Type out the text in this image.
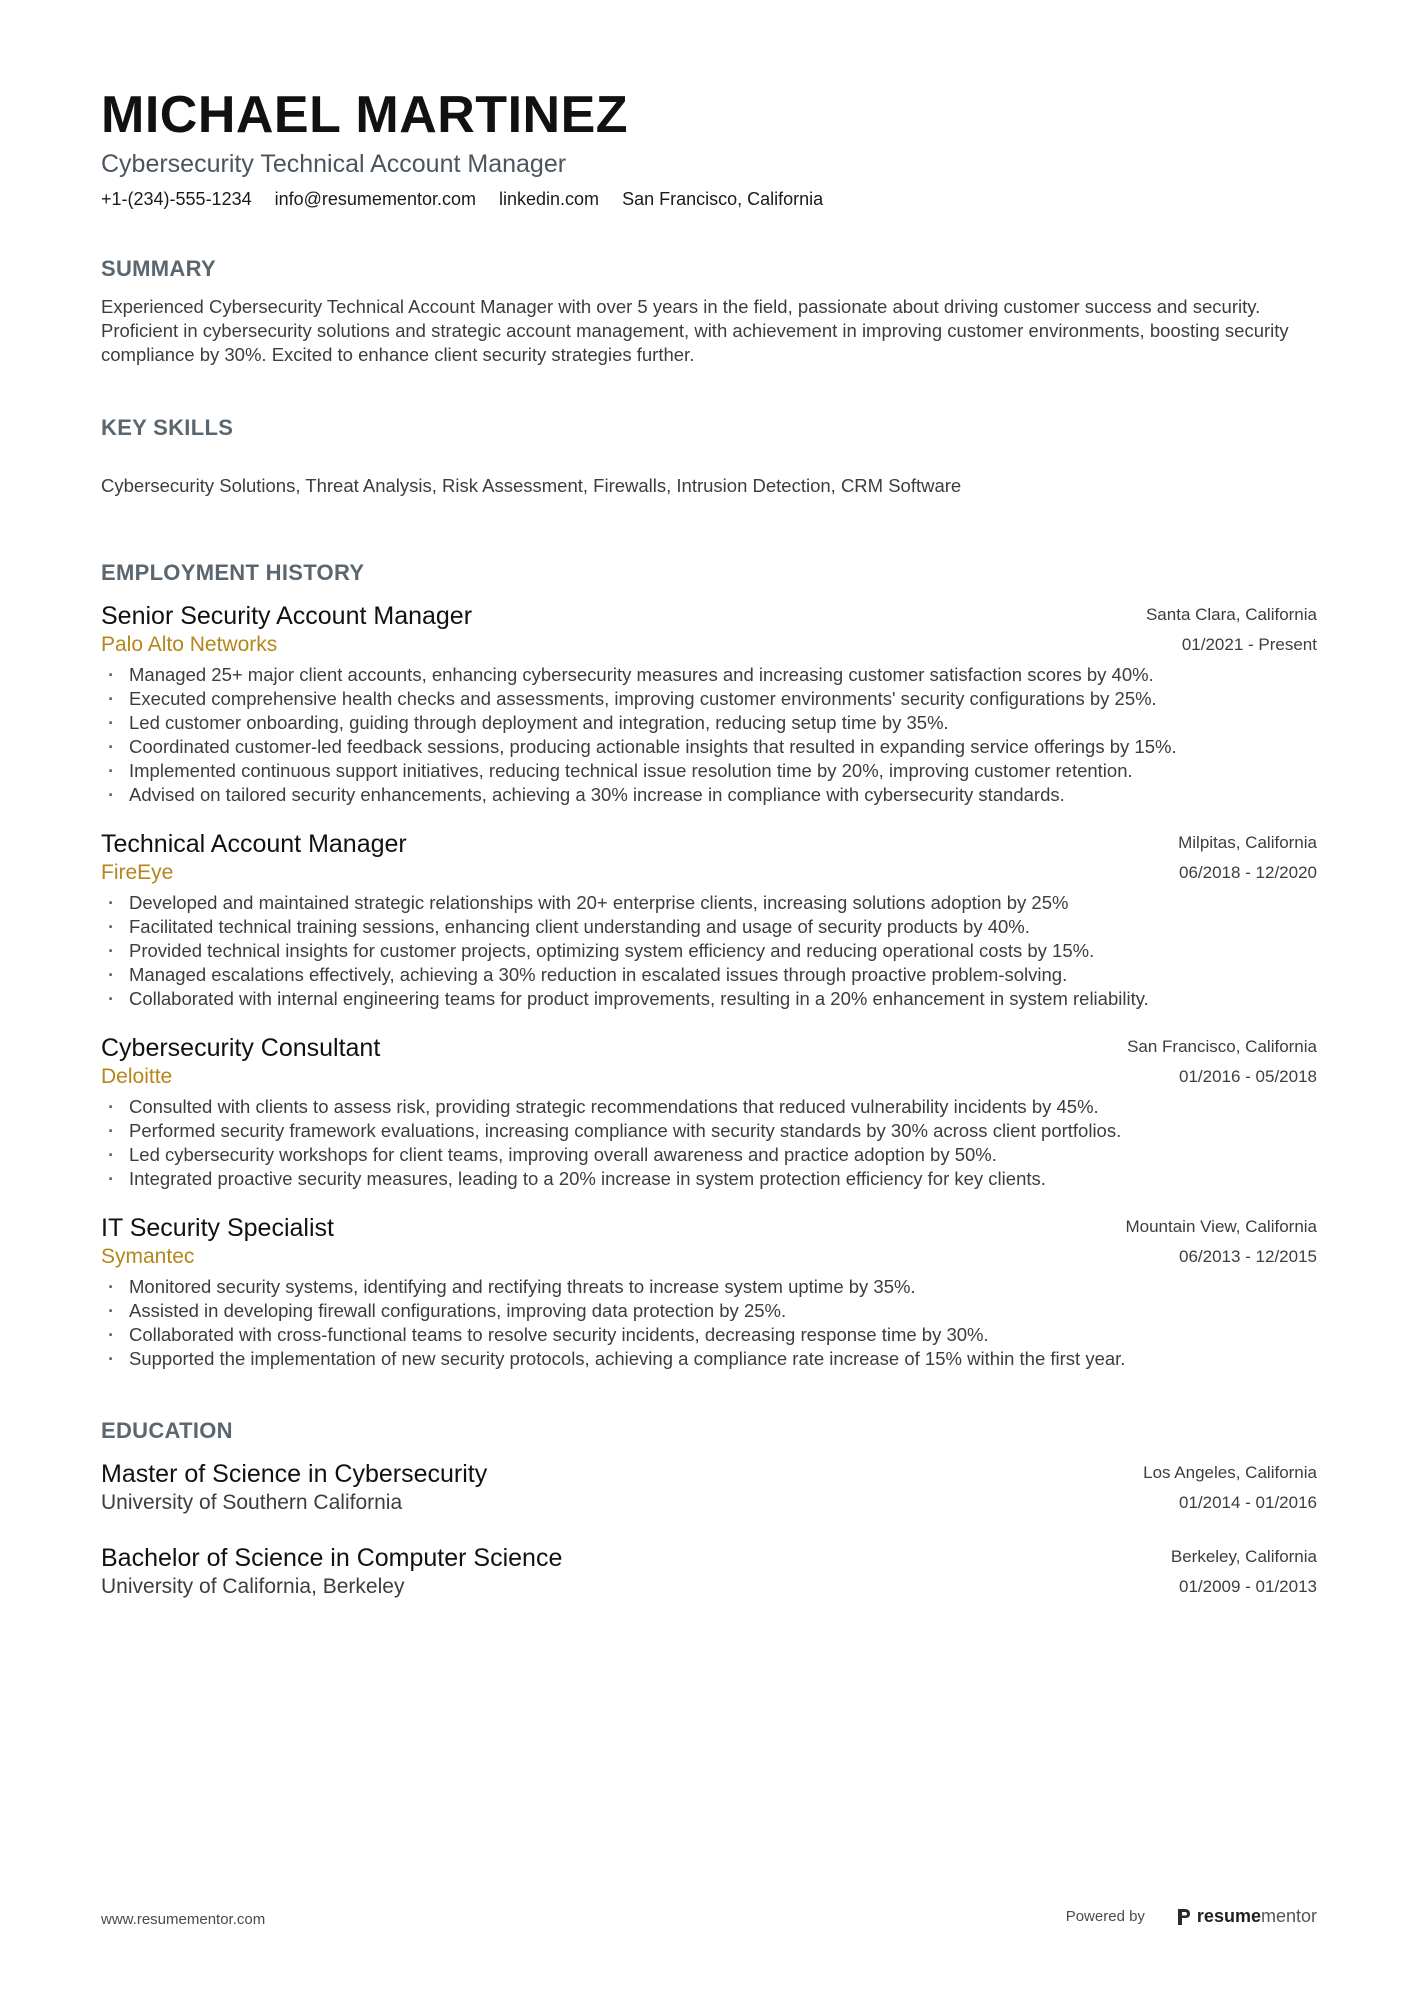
MICHAEL MARTINEZ
Cybersecurity Technical Account Manager
+1-(234)-555-1234 info@resumementor.com linkedin.com San Francisco, California
SUMMARY
Experienced Cybersecurity Technical Account Manager with over 5 years in the field, passionate about driving customer success and security. Proficient in cybersecurity solutions and strategic account management, with achievement in improving customer environments, boosting security compliance by 30%. Excited to enhance client security strategies further.
KEY SKILLS
Cybersecurity Solutions, Threat Analysis, Risk Assessment, Firewalls, Intrusion Detection, CRM Software
EMPLOYMENT HISTORY
Santa Clara, California
01/2021 - Present
Senior Security Account Manager
Palo Alto Networks
· Managed 25+ major client accounts, enhancing cybersecurity measures and increasing customer satisfaction scores by 40%.
· Executed comprehensive health checks and assessments, improving customer environments' security configurations by 25%.
· Led customer onboarding, guiding through deployment and integration, reducing setup time by 35%.
· Coordinated customer-led feedback sessions, producing actionable insights that resulted in expanding service offerings by 15%.
· Implemented continuous support initiatives, reducing technical issue resolution time by 20%, improving customer retention.
· Advised on tailored security enhancements, achieving a 30% increase in compliance with cybersecurity standards.
Milpitas, California
06/2018 - 12/2020
Technical Account Manager
FireEye
· Developed and maintained strategic relationships with 20+ enterprise clients, increasing solutions adoption by 25%
· Facilitated technical training sessions, enhancing client understanding and usage of security products by 40%.
· Provided technical insights for customer projects, optimizing system efficiency and reducing operational costs by 15%.
· Managed escalations effectively, achieving a 30% reduction in escalated issues through proactive problem-solving.
· Collaborated with internal engineering teams for product improvements, resulting in a 20% enhancement in system reliability.
San Francisco, California
01/2016 - 05/2018
Cybersecurity Consultant
Deloitte
· Consulted with clients to assess risk, providing strategic recommendations that reduced vulnerability incidents by 45%.
· Performed security framework evaluations, increasing compliance with security standards by 30% across client portfolios.
· Led cybersecurity workshops for client teams, improving overall awareness and practice adoption by 50%.
· Integrated proactive security measures, leading to a 20% increase in system protection efficiency for key clients.
Mountain View, California
06/2013 - 12/2015
IT Security Specialist
Symantec
· Monitored security systems, identifying and rectifying threats to increase system uptime by 35%.
· Assisted in developing firewall configurations, improving data protection by 25%.
· Collaborated with cross-functional teams to resolve security incidents, decreasing response time by 30%.
· Supported the implementation of new security protocols, achieving a compliance rate increase of 15% within the first year.
EDUCATION
Los Angeles, California
01/2014 - 01/2016
Master of Science in Cybersecurity
University of Southern California
Berkeley, California
01/2009 - 01/2013
Bachelor of Science in Computer Science
University of California, Berkeley
www.resumementor.com	Powered by	resume mentor
